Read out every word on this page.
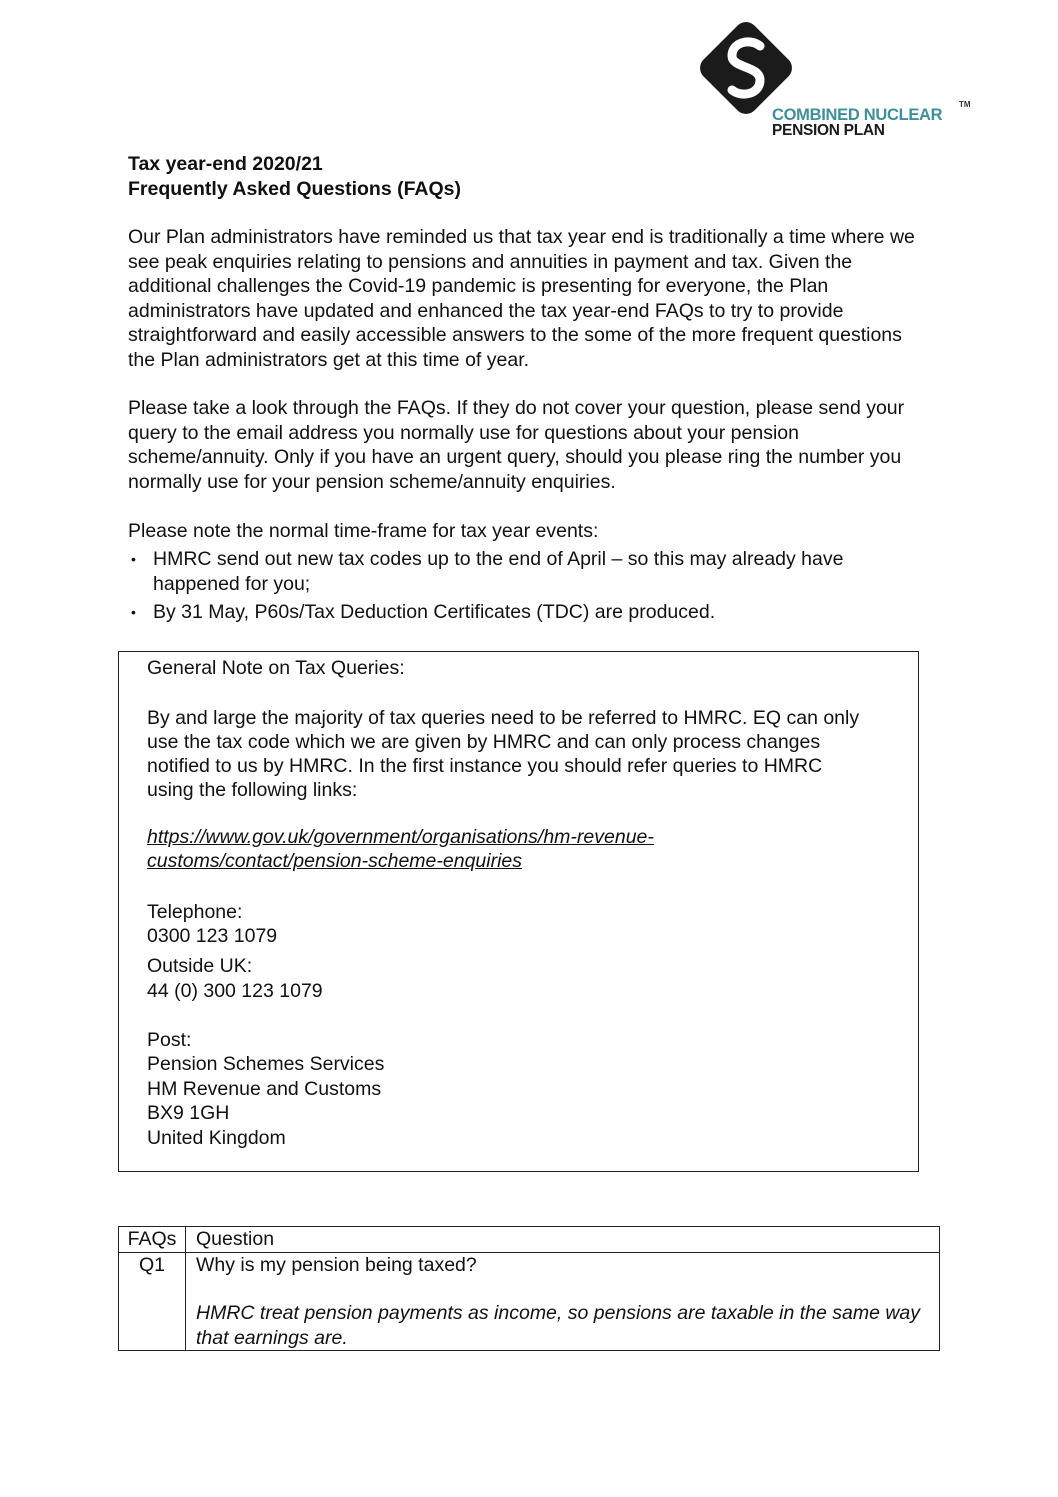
COMBINED NUCLEAR
PENSION PLAN
TM
Tax year-end 2020/21
Frequently Asked Questions (FAQs)

Our Plan administrators have reminded us that tax year end is traditionally a time where we see peak enquiries relating to pensions and annuities in payment and tax. Given the additional challenges the Covid-19 pandemic is presenting for everyone, the Plan administrators have updated and enhanced the tax year-end FAQs to try to provide straightforward and easily accessible answers to the some of the more frequent questions the Plan administrators get at this time of year.

Please take a look through the FAQs. If they do not cover your question, please send your query to the email address you normally use for questions about your pension scheme/annuity. Only if you have an urgent query, should you please ring the number you normally use for your pension scheme/annuity enquiries.

Please note the normal time-frame for tax year events:

• HMRC send out new tax codes up to the end of April – so this may already have happened for you;
• By 31 May, P60s/Tax Deduction Certificates (TDC) are produced.
General Note on Tax Queries:
By and large the majority of tax queries need to be referred to HMRC. EQ can only use the tax code which we are given by HMRC and can only process changes notified to us by HMRC. In the first instance you should refer queries to HMRC using the following links:
https://www.gov.uk/government/organisations/hm-revenue-
customs/contact/pension-scheme-enquiries
Telephone:
0300 123 1079
Outside UK:
44 (0) 300 123 1079
Post:
Pension Schemes Services
HM Revenue and Customs
BX9 1GH
United Kingdom
FAQs	Question
Q1	Why is my pension being taxed?
HMRC treat pension payments as income, so pensions are taxable in the same way that earnings are.
